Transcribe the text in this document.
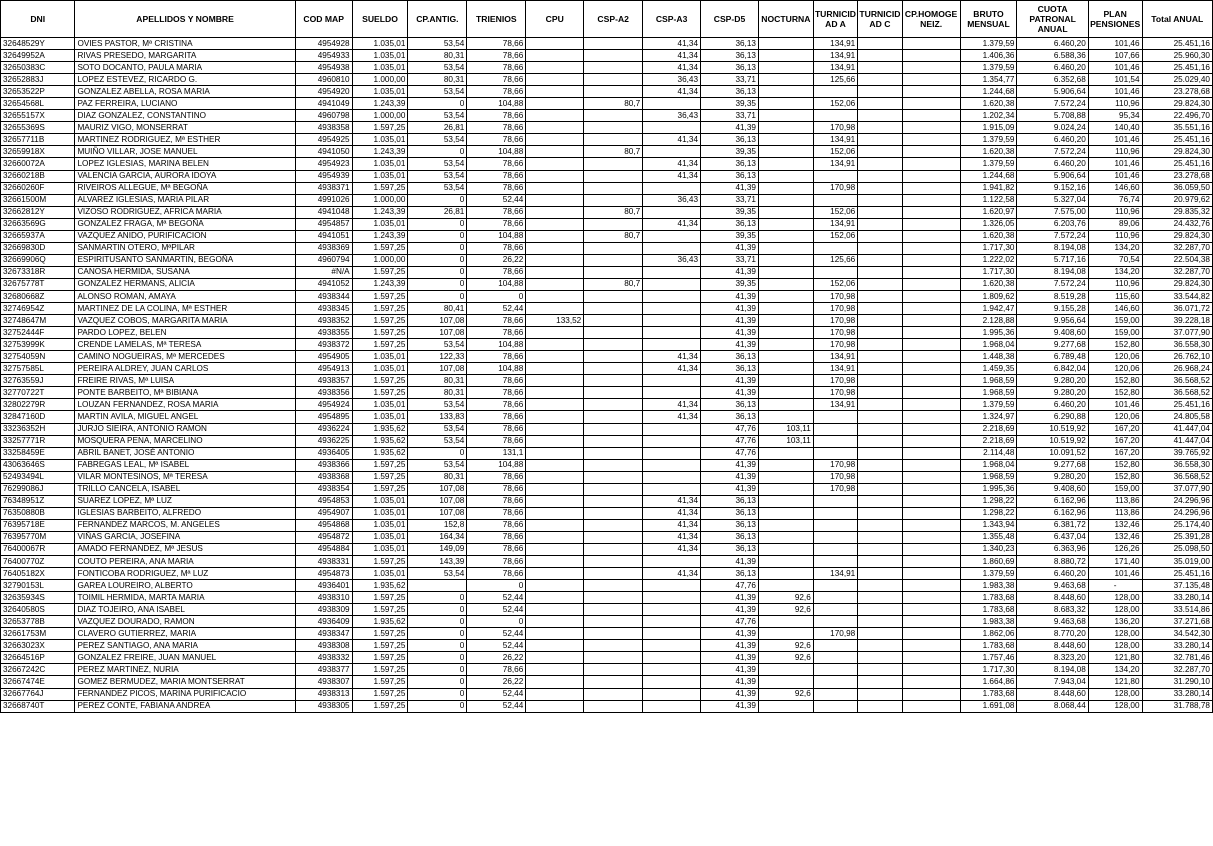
DNI	APELLIDOS Y NOMBRE	COD MAP	SUELDO	CP.ANTIG.	TRIENIOS	CPU	CSP-A2	CSP-A3	CSP-D5	NOCTURNA	TURNICIDAD A	TURNICIDAD C	CP.HOMOGENEIZ.	BRUTO MENSUAL	CUOTA PATRONAL ANUAL	PLAN PENSIONES	Total ANUAL
32648529Y	OVIES PASTOR, Mª CRISTINA	4954928	1.035,01	53,54	78,66			41,34	36,13		134,91			1.379,59	6.460,20	101,46	25.451,16
32649952A	RIVAS PRESEDO, MARGARITA	4954933	1.035,01	80,31	78,66			41,34	36,13		134,91			1.406,36	6.588,36	107,66	25.960,30
32650383C	SOTO DOCANTO, PAULA MARIA	4954938	1.035,01	53,54	78,66			41,34	36,13		134,91			1.379,59	6.460,20	101,46	25.451,16
32652883J	LOPEZ ESTEVEZ, RICARDO G.	4960810	1.000,00	80,31	78,66			36,43	33,71		125,66			1.354,77	6.352,68	101,54	25.029,40
32653522P	GONZALEZ ABELLA, ROSA MARIA	4954920	1.035,01	53,54	78,66			41,34	36,13					1.244,68	5.906,64	101,46	23.278,68
32654568L	PAZ FERREIRA, LUCIANO	4941049	1.243,39	0	104,88		80,7		39,35		152,06			1.620,38	7.572,24	110,96	29.824,30
32655157X	DIAZ GONZALEZ, CONSTANTINO	4960798	1.000,00	53,54	78,66			36,43	33,71					1.202,34	5.708,88	95,34	22.496,70
32655369S	MAURIZ VIGO, MONSERRAT	4938358	1.597,25	26,81	78,66				41,39		170,98			1.915,09	9.024,24	140,40	35.551,16
32657711B	MARTINEZ RODRIGUEZ, Mª ESTHER	4954925	1.035,01	53,54	78,66			41,34	36,13		134,91			1.379,59	6.460,20	101,46	25.451,16
32659918X	MUIÑO VILLAR, JOSE MANUEL	4941050	1.243,39	0	104,88		80,7		39,35		152,06			1.620,38	7.572,24	110,96	29.824,30
32660072A	LOPEZ IGLESIAS, MARINA BELEN	4954923	1.035,01	53,54	78,66			41,34	36,13		134,91			1.379,59	6.460,20	101,46	25.451,16
32660218B	VALENCIA GARCIA, AURORA IDOYA	4954939	1.035,01	53,54	78,66			41,34	36,13					1.244,68	5.906,64	101,46	23.278,68
32660260F	RIVEIROS ALLEGUE, Mª BEGOÑA	4938371	1.597,25	53,54	78,66				41,39		170,98			1.941,82	9.152,16	146,60	36.059,50
32661500M	ALVAREZ IGLESIAS, MARIA PILAR	4991026	1.000,00	0	52,44			36,43	33,71					1.122,58	5.327,04	76,74	20.979,62
32662812Y	VIZOSO RODRIGUEZ, AFRICA MARIA	4941048	1.243,39	26,81	78,66		80,7		39,35		152,06			1.620,97	7.575,00	110,96	29.835,32
32663569G	GONZALEZ FRAGA, Mª BEGOÑA	4954857	1.035,01	0	78,66			41,34	36,13		134,91			1.326,05	6.203,76	89,06	24.432,76
32665937A	VAZQUEZ ANIDO, PURIFICACION	4941051	1.243,39	0	104,88		80,7		39,35		152,06			1.620,38	7.572,24	110,96	29.824,30
32669830D	SANMARTIN OTERO, MªPILAR	4938369	1.597,25	0	78,66				41,39					1.717,30	8.194,08	134,20	32.287,70
32669906Q	ESPIRITUSANTO SANMARTIN, BEGOÑA	4960794	1.000,00	0	26,22			36,43	33,71		125,66			1.222,02	5.717,16	70,54	22.504,38
32673318R	CANOSA HERMIDA, SUSANA	#N/A	1.597,25	0	78,66				41,39					1.717,30	8.194,08	134,20	32.287,70
32675778T	GONZALEZ HERMANS, ALICIA	4941052	1.243,39	0	104,88		80,7		39,35		152,06			1.620,38	7.572,24	110,96	29.824,30
32680668Z	ALONSO ROMAN, AMAYA	4938344	1.597,25	0	0				41,39		170,98			1.809,62	8.519,28	115,60	33.544,82
32746954Z	MARTINEZ DE LA COLINA, Mª ESTHER	4938345	1.597,25	80,41	52,44				41,39		170,98			1.942,47	9.155,28	146,60	36.071,72
32748647M	VAZQUEZ COBOS, MARGARITA MARIA	4938352	1.597,25	107,08	78,66	133,52			41,39		170,98			2.128,88	9.956,64	159,00	39.228,18
32752444F	PARDO LOPEZ, BELEN	4938355	1.597,25	107,08	78,66				41,39		170,98			1.995,36	9.408,60	159,00	37.077,90
32753999K	CRENDE LAMELAS, Mª TERESA	4938372	1.597,25	53,54	104,88				41,39		170,98			1.968,04	9.277,68	152,80	36.558,30
32754059N	CAMINO NOGUEIRAS, Mª MERCEDES	4954905	1.035,01	122,33	78,66			41,34	36,13		134,91			1.448,38	6.789,48	120,06	26.762,10
32757585L	PEREIRA ALDREY, JUAN CARLOS	4954913	1.035,01	107,08	104,88			41,34	36,13		134,91			1.459,35	6.842,04	120,06	26.968,24
32763559J	FREIRE RIVAS, Mª LUISA	4938357	1.597,25	80,31	78,66				41,39		170,98			1.968,59	9.280,20	152,80	36.568,52
32770722T	PONTE BARBEITO, Mª BIBIANA	4938356	1.597,25	80,31	78,66				41,39		170,98			1.968,59	9.280,20	152,80	36.568,52
32802279R	LOUZAN FERNANDEZ, ROSA MARIA	4954924	1.035,01	53,54	78,66			41,34	36,13		134,91			1.379,59	6.460,20	101,46	25.451,16
32847160D	MARTIN AVILA, MIGUEL ANGEL	4954895	1.035,01	133,83	78,66			41,34	36,13					1.324,97	6.290,88	120,06	24.805,58
33236352H	JURJO SIEIRA, ANTONIO RAMON	4936224	1.935,62	53,54	78,66				47,76	103,11				2.218,69	10.519,92	167,20	41.447,04
33257771R	MOSQUERA PENA, MARCELINO	4936225	1.935,62	53,54	78,66				47,76	103,11				2.218,69	10.519,92	167,20	41.447,04
33258459E	ABRIL BANET, JOSÉ ANTONIO	4936405	1.935,62	0	131,1				47,76					2.114,48	10.091,52	167,20	39.765,92
43063646S	FABREGAS LEAL, Mª ISABEL	4938366	1.597,25	53,54	104,88				41,39		170,98			1.968,04	9.277,68	152,80	36.558,30
52493494L	VILAR MONTESINOS, Mª TERESA	4938368	1.597,25	80,31	78,66				41,39		170,98			1.968,59	9.280,20	152,80	36.568,52
76299086J	TRILLO CANCELA, ISABEL	4938354	1.597,25	107,08	78,66				41,39		170,98			1.995,36	9.408,60	159,00	37.077,90
76348951Z	SUAREZ LOPEZ, Mª LUZ	4954853	1.035,01	107,08	78,66			41,34	36,13					1.298,22	6.162,96	113,86	24.296,96
76350880B	IGLESIAS BARBEITO, ALFREDO	4954907	1.035,01	107,08	78,66			41,34	36,13					1.298,22	6.162,96	113,86	24.296,96
76395718E	FERNANDEZ MARCOS, M. ANGELES	4954868	1.035,01	152,8	78,66			41,34	36,13					1.343,94	6.381,72	132,46	25.174,40
76395770M	VIÑAS GARCIA, JOSEFINA	4954872	1.035,01	164,34	78,66			41,34	36,13					1.355,48	6.437,04	132,46	25.391,28
76400067R	AMADO FERNANDEZ, Mª JESUS	4954884	1.035,01	149,09	78,66			41,34	36,13					1.340,23	6.363,96	126,26	25.098,50
76400770Z	COUTO PEREIRA, ANA MARIA	4938331	1.597,25	143,39	78,66				41,39					1.860,69	8.880,72	171,40	35.019,00
76405182X	FONTICOBA RODRIGUEZ, Mª LUZ	4954873	1.035,01	53,54	78,66			41,34	36,13		134,91			1.379,59	6.460,20	101,46	25.451,16
32790153L	GAREA LOUREIRO, ALBERTO	4936401	1.935,62		0				47,76					1.983,38	9.463,68	-	37.135,48
32635934S	TOIMIL HERMIDA, MARTA MARIA	4938310	1.597,25	0	52,44				41,39	92,6				1.783,68	8.448,60	128,00	33.280,14
32640580S	DIAZ TOJEIRO, ANA ISABEL	4938309	1.597,25	0	52,44				41,39	92,6				1.783,68	8.683,32	128,00	33.514,86
32653778B	VAZQUEZ DOURADO, RAMON	4936409	1.935,62	0	0				47,76					1.983,38	9.463,68	136,20	37.271,68
32661753M	CLAVERO GUTIERREZ, MARIA	4938347	1.597,25	0	52,44				41,39		170,98			1.862,06	8.770,20	128,00	34.542,30
32663023X	PEREZ SANTIAGO, ANA MARIA	4938308	1.597,25	0	52,44				41,39	92,6				1.783,68	8.448,60	128,00	33.280,14
32664516P	GONZALEZ FREIRE, JUAN MANUEL	4938332	1.597,25	0	26,22				41,39	92,6				1.757,46	8.323,20	121,80	32.781,46
32667242C	PEREZ MARTINEZ, NURIA	4938377	1.597,25	0	78,66				41,39					1.717,30	8.194,08	134,20	32.287,70
32667474E	GOMEZ BERMUDEZ, MARIA MONTSERRAT	4938307	1.597,25	0	26,22				41,39					1.664,86	7.943,04	121,80	31.290,10
32667764J	FERNANDEZ PICOS, MARINA PURIFICACIO	4938313	1.597,25	0	52,44				41,39	92,6				1.783,68	8.448,60	128,00	33.280,14
32668740T	PEREZ CONTE, FABIANA ANDREA	4938305	1.597,25	0	52,44				41,39					1.691,08	8.068,44	128,00	31.788,78
